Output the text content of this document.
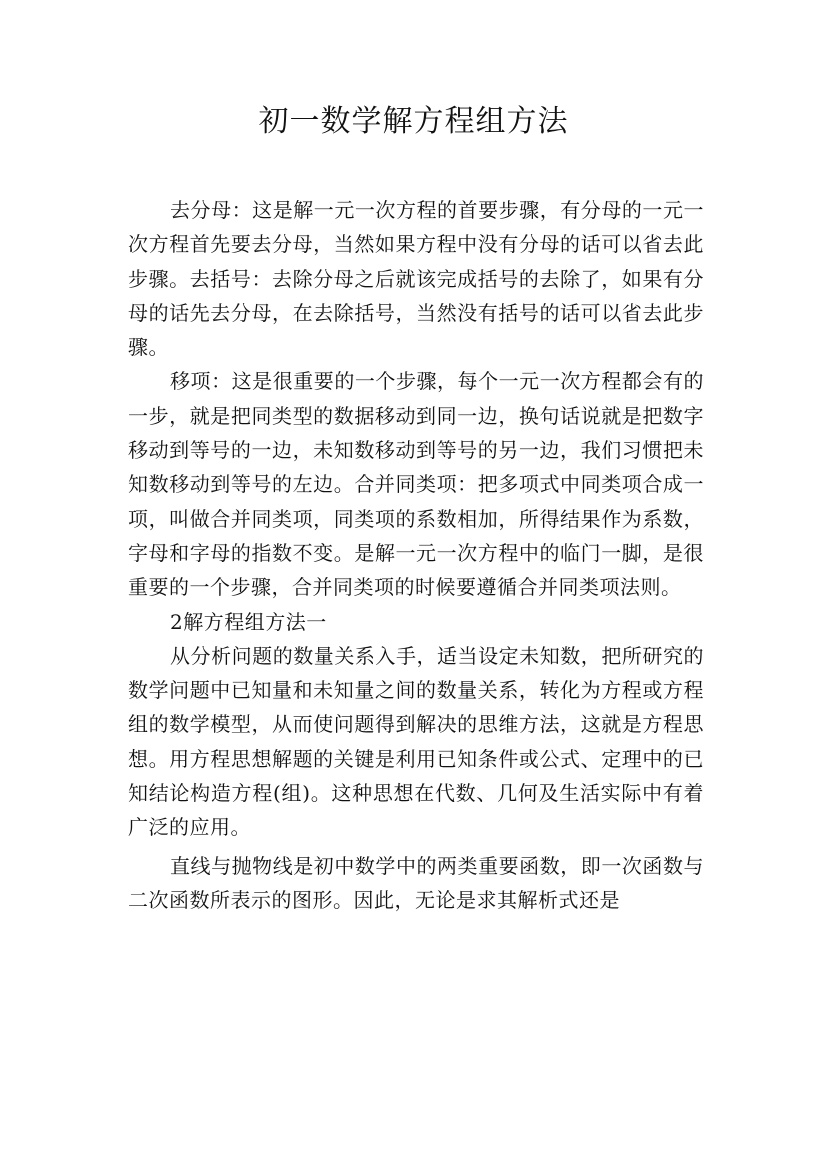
初一数学解方程组方法

去分母：这是解一元一次方程的首要步骤，有分母的一元一次方程首先要去分母，当然如果方程中没有分母的话可以省去此步骤。去括号：去除分母之后就该完成括号的去除了，如果有分母的话先去分母，在去除括号，当然没有括号的话可以省去此步骤。

移项：这是很重要的一个步骤，每个一元一次方程都会有的一步，就是把同类型的数据移动到同一边，换句话说就是把数字移动到等号的一边，未知数移动到等号的另一边，我们习惯把未知数移动到等号的左边。合并同类项：把多项式中同类项合成一项，叫做合并同类项，同类项的系数相加，所得结果作为系数，字母和字母的指数不变。是解一元一次方程中的临门一脚，是很重要的一个步骤，合并同类项的时候要遵循合并同类项法则。

2解方程组方法一

从分析问题的数量关系入手，适当设定未知数，把所研究的数学问题中已知量和未知量之间的数量关系，转化为方程或方程组的数学模型，从而使问题得到解决的思维方法，这就是方程思想。用方程思想解题的关键是利用已知条件或公式、定理中的已知结论构造方程(组)。这种思想在代数、几何及生活实际中有着广泛的应用。

直线与抛物线是初中数学中的两类重要函数，即一次函数与二次函数所表示的图形。因此，无论是求其解析式还是
